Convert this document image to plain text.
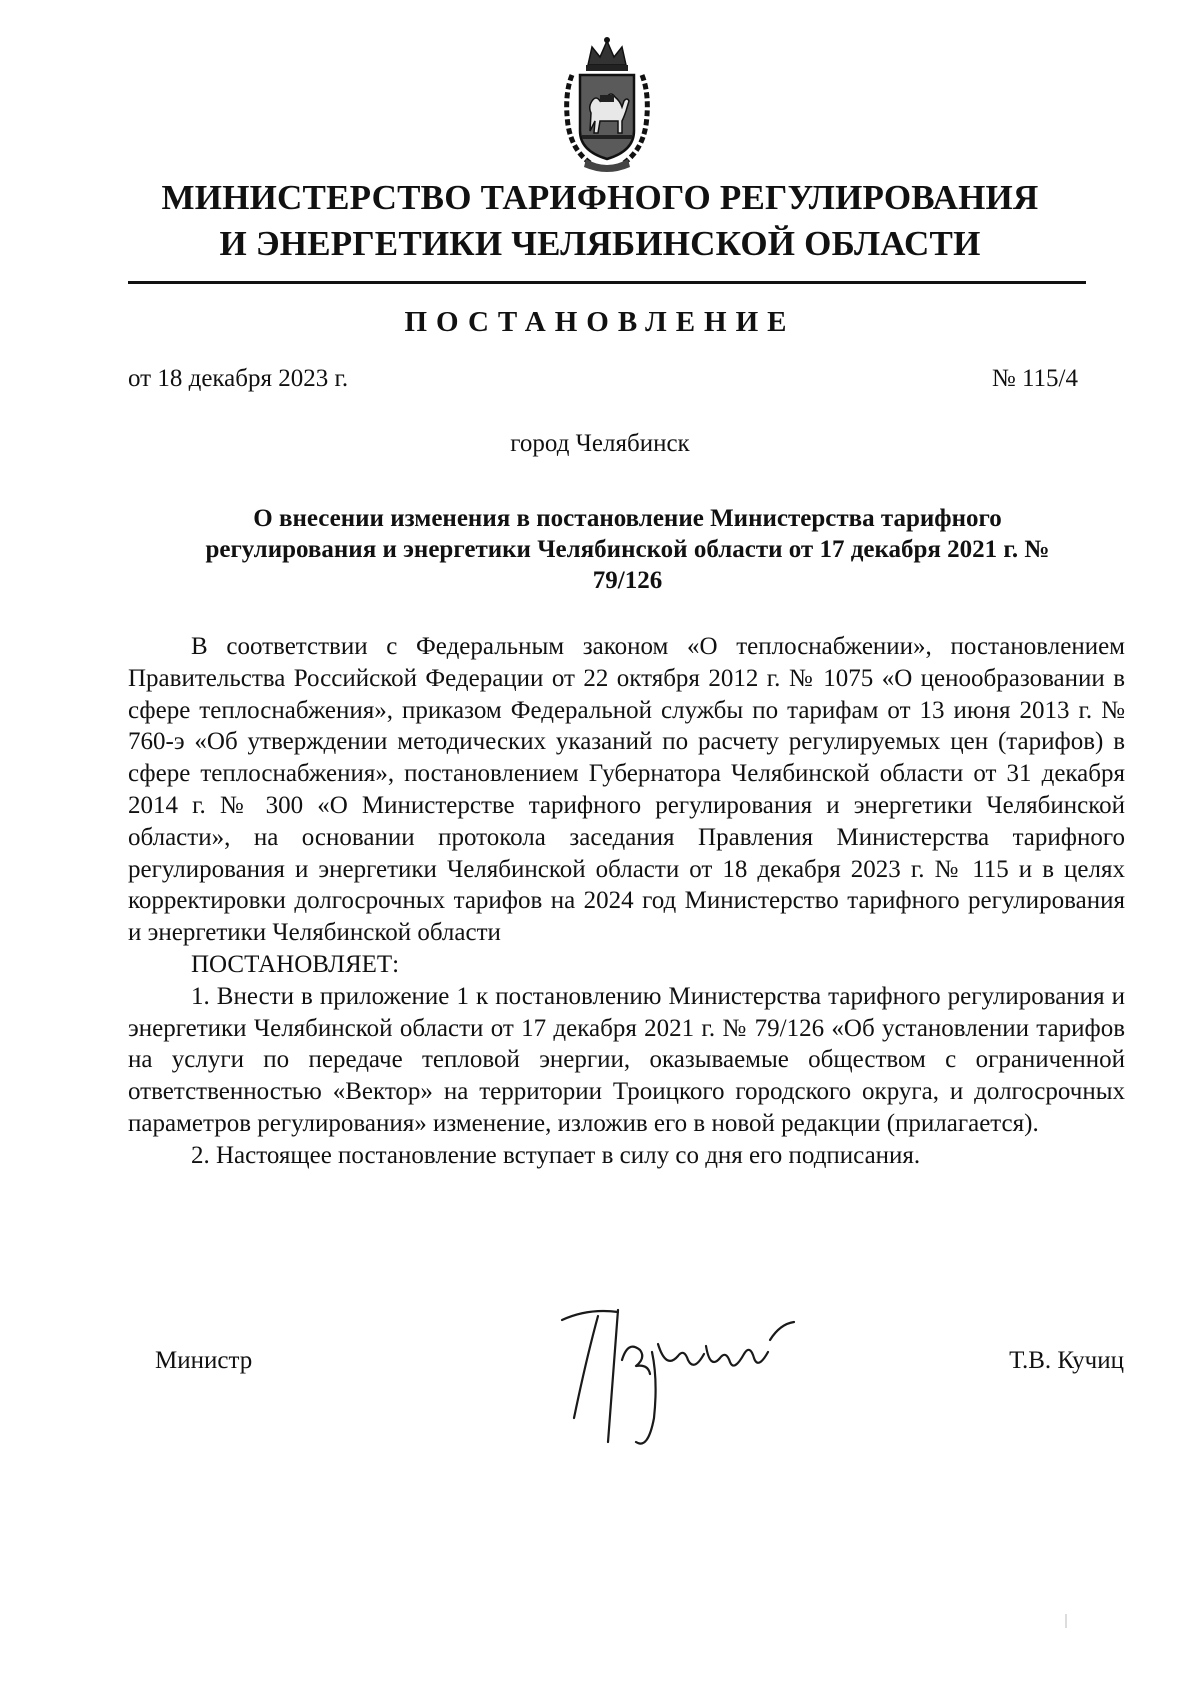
МИНИСТЕРСТВО ТАРИФНОГО РЕГУЛИРОВАНИЯ
И ЭНЕРГЕТИКИ ЧЕЛЯБИНСКОЙ ОБЛАСТИ
ПОСТАНОВЛЕНИЕ
от 18 декабря 2023 г.	№ 115/4
город Челябинск
О внесении изменения в постановление Министерства тарифного регулирования и энергетики Челябинской области от 17 декабря 2021 г. № 79/126

В соответствии с Федеральным законом «О теплоснабжении», постановлением Правительства Российской Федерации от 22 октября 2012 г. № 1075 «О ценообразовании в сфере теплоснабжения», приказом Федеральной службы по тарифам от 13 июня 2013 г. № 760-э «Об утверждении методических указаний по расчету регулируемых цен (тарифов) в сфере теплоснабжения», постановлением Губернатора Челябинской области от 31 декабря 2014 г. № 300 «О Министерстве тарифного регулирования и энергетики Челябинской области», на основании протокола заседания Правления Министерства тарифного регулирования и энергетики Челябинской области от 18 декабря 2023 г. № 115 и в целях корректировки долгосрочных тарифов на 2024 год Министерство тарифного регулирования и энергетики Челябинской области

ПОСТАНОВЛЯЕТ:

1. Внести в приложение 1 к постановлению Министерства тарифного регулирования и энергетики Челябинской области от 17 декабря 2021 г. № 79/126 «Об установлении тарифов на услуги по передаче тепловой энергии, оказываемые обществом с ограниченной ответственностью «Вектор» на территории Троицкого городского округа, и долгосрочных параметров регулирования» изменение, изложив его в новой редакции (прилагается).

2. Настоящее постановление вступает в силу со дня его подписания.

Министр	Т.В. Кучиц
